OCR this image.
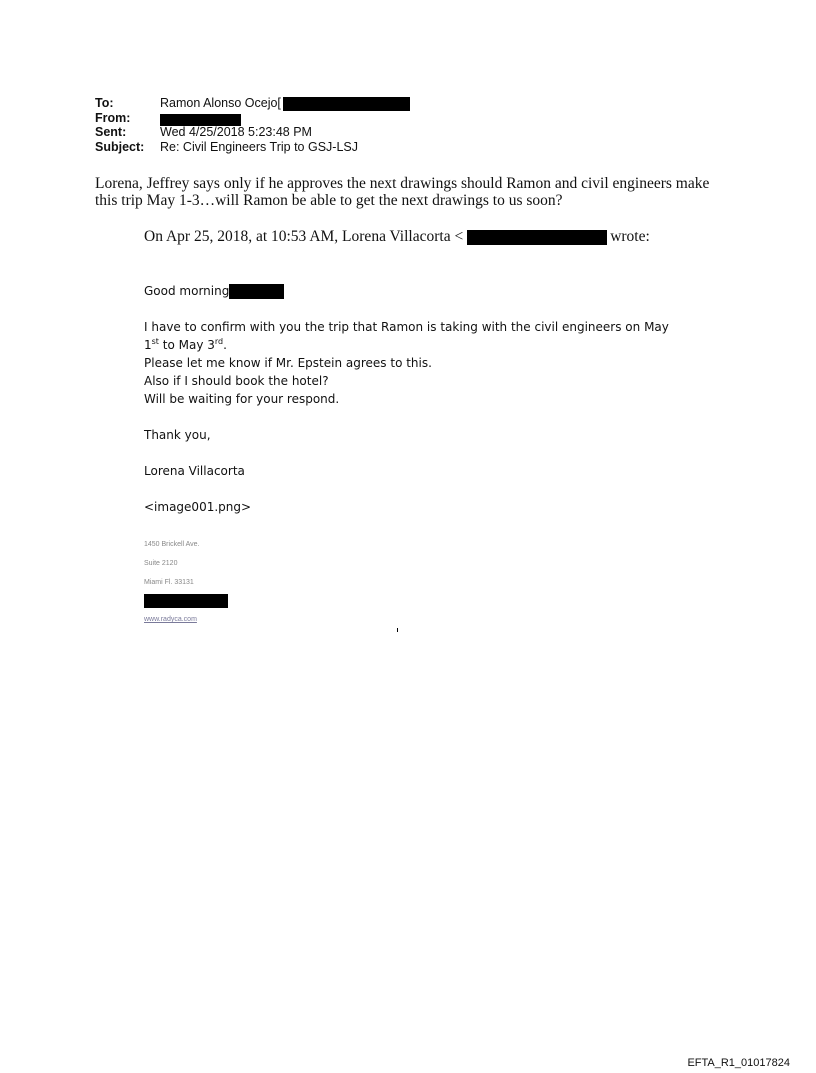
To:	Ramon Alonso Ocejo[
From:
Sent:	Wed 4/25/2018 5:23:48 PM
Subject:	Re: Civil Engineers Trip to GSJ-LSJ
Lorena, Jeffrey says only if he approves the next drawings should Ramon and civil engineers make this trip May 1-3…will Ramon be able to get the next drawings to us soon?
On Apr 25, 2018, at 10:53 AM, Lorena Villacorta <	wrote:

Good morning

I have to confirm with you the trip that Ramon is taking with the civil engineers on May

1st to May 3rd.

Please let me know if Mr. Epstein agrees to this.

Also if I should book the hotel?

Will be waiting for your respond.

Thank you,

Lorena Villacorta

<image001.png>

1450 Brickell Ave.
Suite 2120
Miami Fl. 33131
www.radyca.com
EFTA_R1_01017824
